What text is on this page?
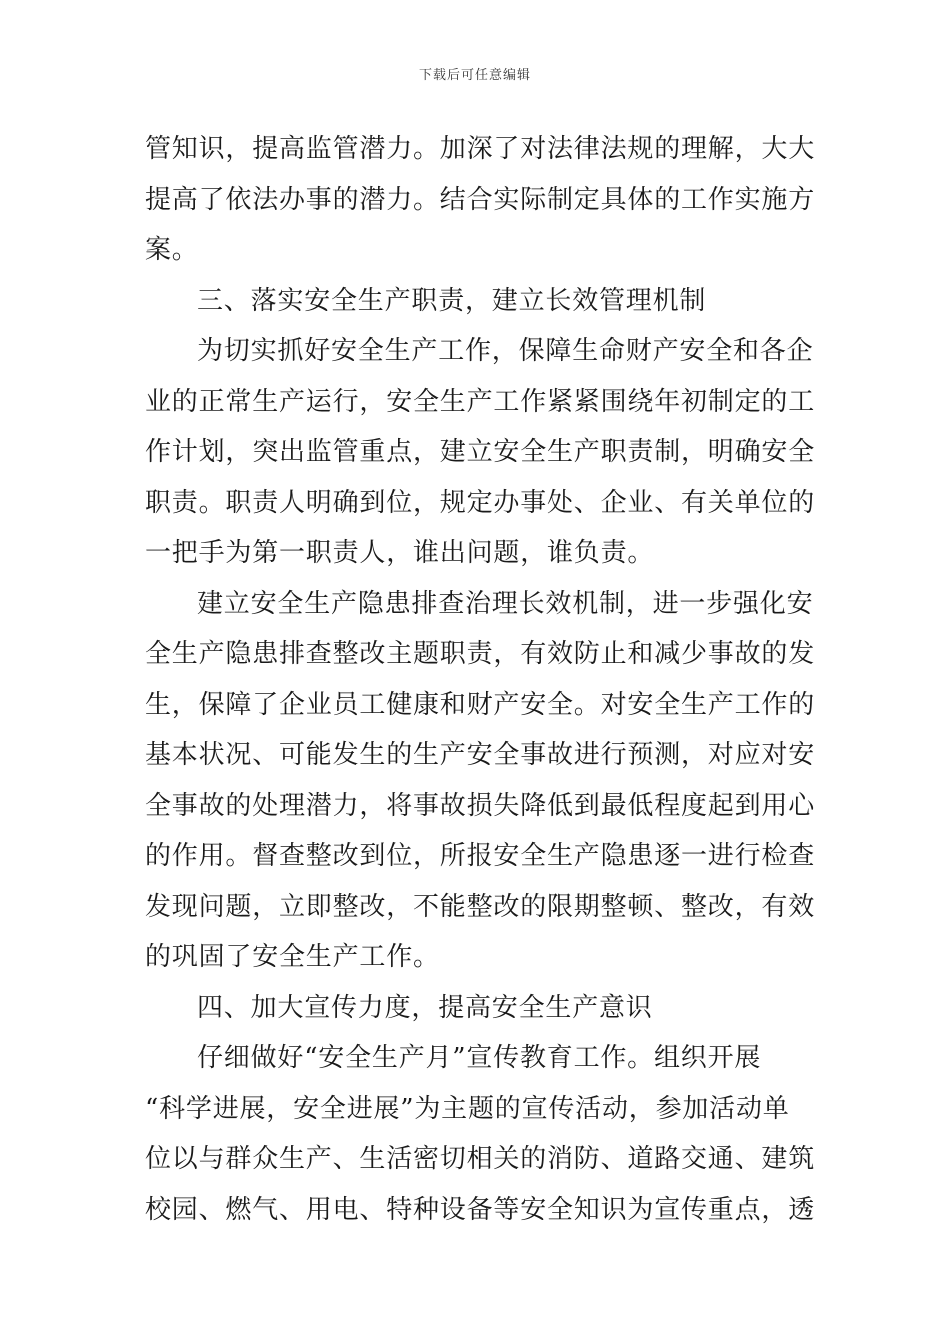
下载后可任意编辑
管知识，提高监管潜力。加深了对法律法规的理解，大大
提高了依法办事的潜力。结合实际制定具体的工作实施方
案。
三、落实安全生产职责，建立长效管理机制
为切实抓好安全生产工作，保障生命财产安全和各企
业的正常生产运行，安全生产工作紧紧围绕年初制定的工
作计划，突出监管重点，建立安全生产职责制，明确安全
职责。职责人明确到位，规定办事处、企业、有关单位的
一把手为第一职责人，谁出问题，谁负责。
建立安全生产隐患排查治理长效机制，进一步强化安
全生产隐患排查整改主题职责，有效防止和减少事故的发
生，保障了企业员工健康和财产安全。对安全生产工作的
基本状况、可能发生的生产安全事故进行预测，对应对安
全事故的处理潜力，将事故损失降低到最低程度起到用心
的作用。督查整改到位，所报安全生产隐患逐一进行检查
发现问题，立即整改，不能整改的限期整顿、整改，有效
的巩固了安全生产工作。
四、加大宣传力度，提高安全生产意识
仔细做好“安全生产月”宣传教育工作。组织开展
“科学进展，安全进展”为主题的宣传活动，参加活动单
位以与群众生产、生活密切相关的消防、道路交通、建筑
校园、燃气、用电、特种设备等安全知识为宣传重点，透
